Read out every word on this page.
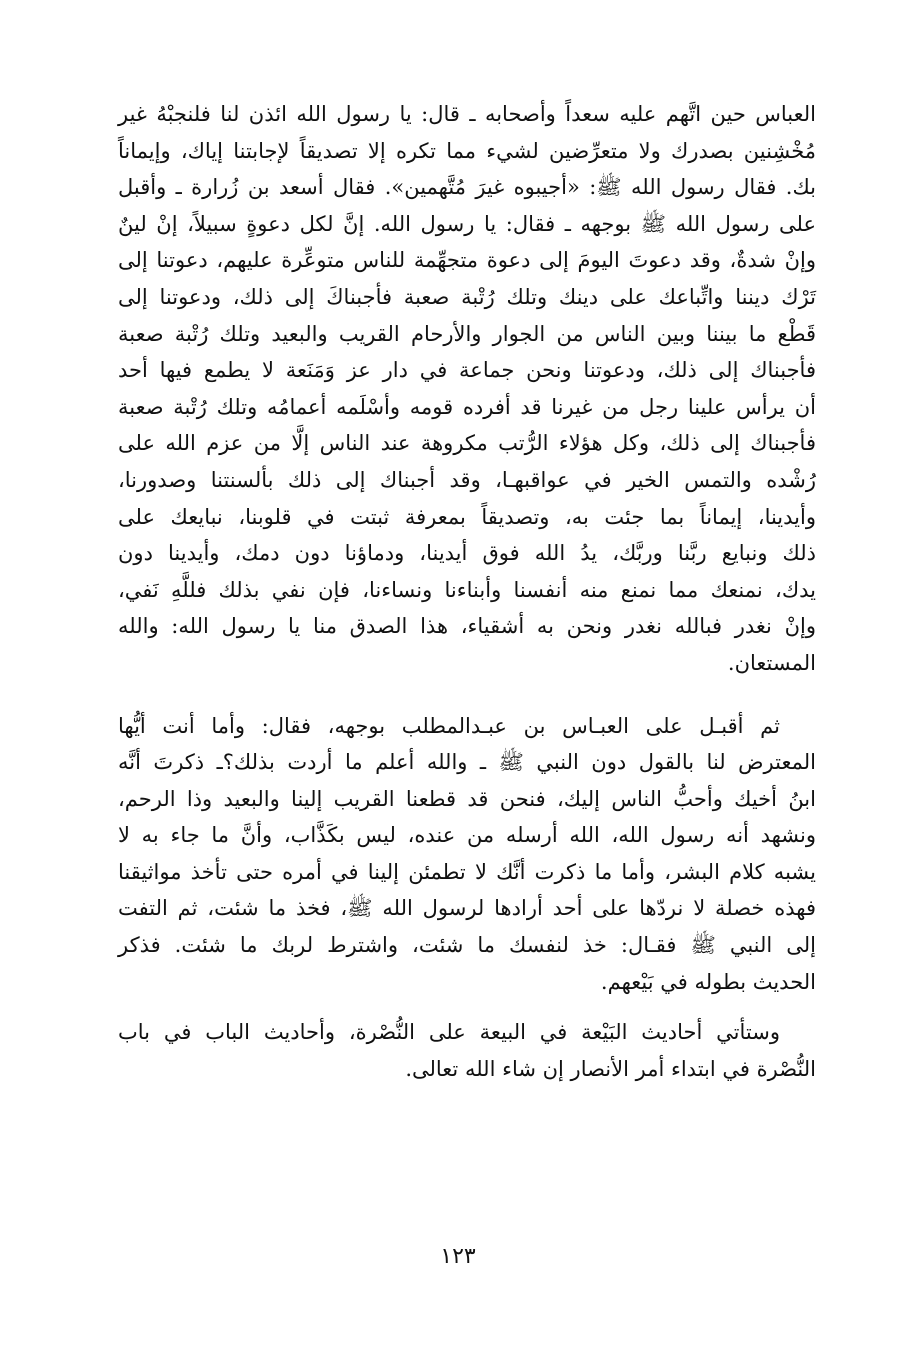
العباس حين اتَّهم عليه سعداً وأصحابه ـ قال: يا رسول الله ائذن لنا فلنجبْهُ غير
مُخْشِنين بصدرك ولا متعرِّضين لشيء مما تكره إلا تصديقاً لإجابتنا إياك، وإيماناً
بك. فقال رسول الله ﷺ: «أجيبوه غيرَ مُتَّهمين». فقال أسعد بن زُرارة ـ وأقبل
على رسول الله ﷺ بوجهه ـ فقال: يا رسول الله. إنَّ لكل دعوةٍ سبيلاً، إنْ لينٌ
وإنْ شدةٌ، وقد دعوتَ اليومَ إلى دعوة متجهِّمة للناس متوعِّرة عليهم، دعوتنا إلى
تَرْك ديننا واتِّباعك على دينك وتلك رُتْبة صعبة فأجبناكَ إلى ذلك، ودعوتنا إلى
قَطْع ما بيننا وبين الناس من الجوار والأرحام القريب والبعيد وتلك رُتْبة صعبة
فأجبناك إلى ذلك، ودعوتنا ونحن جماعة في دار عز وَمَنَعة لا يطمع فيها أحد
أن يرأس علينا رجل من غيرنا قد أفرده قومه وأسْلَمه أعمامُه وتلك رُتْبة صعبة
فأجبناك إلى ذلك، وكل هؤلاء الرُّتب مكروهة عند الناس إلَّا من عزم الله على
رُشْده والتمس الخير في عواقبهـا، وقد أجبناك إلى ذلك بألسنتنا وصدورنا،
وأيدينا، إيماناً بما جئت به، وتصديقاً بمعرفة ثبتت في قلوبنا، نبايعك على
ذلك ونبايع ربَّنا وربَّك، يدُ الله فوق أيدينا، ودماؤنا دون دمك، وأيدينا دون
يدك، نمنعك مما نمنع منه أنفسنا وأبناءنا ونساءنا، فإن نفي بذلك فللَّهِ نَفي،
وإنْ نغدر فبالله نغدر ونحن به أشقياء، هذا الصدق منا يا رسول الله: والله
المستعان.
ثم أقبـل على العبـاس بن عبـدالمطلب بوجهه، فقال: وأما أنت أيُّها
المعترض لنا بالقول دون النبي ﷺ ـ والله أعلم ما أردت بذلك؟ـ ذكرتَ أنَّه
ابنُ أخيك وأحبُّ الناس إليك، فنحن قد قطعنا القريب إلينا والبعيد وذا الرحم،
ونشهد أنه رسول الله، الله أرسله من عنده، ليس بكَذَّاب، وأنَّ ما جاء به لا
يشبه كلام البشر، وأما ما ذكرت أنَّك لا تطمئن إلينا في أمره حتى تأخذ مواثيقنا
فهذه خصلة لا نردّها على أحد أرادها لرسول الله ﷺ، فخذ ما شئت، ثم التفت
إلى النبي ﷺ فقـال: خذ لنفسك ما شئت، واشترط لربك ما شئت. فذكر
الحديث بطوله في بَيْعهم.
وستأتي أحاديث البَيْعة في البيعة على النُّصْرة، وأحاديث الباب في باب
النُّصْرة في ابتداء أمر الأنصار إن شاء الله تعالى.
١٢٣
